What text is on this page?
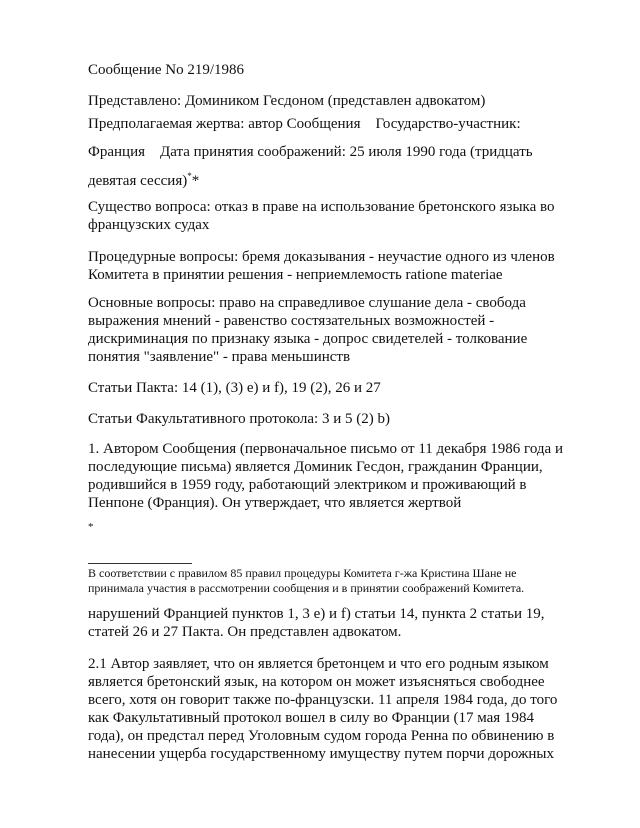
Сообщение No 219/1986
Представлено: Домиником Гесдоном (представлен адвокатом)
Предполагаемая жертва: автор Сообщения    Государство-участник:
Франция    Дата принятия соображений: 25 июля 1990 года (тридцать
девятая сессия)**
Существо вопроса: отказ в праве на использование бретонского языка во
французских судах
Процедурные вопросы: бремя доказывания - неучастие одного из членов
Комитета в принятии решения - неприемлемость ratione materiae
Основные вопросы: право на справедливое слушание дела - свобода
выражения мнений - равенство состязательных возможностей -
дискриминация по признаку языка - допрос свидетелей - толкование
понятия "заявление" - права меньшинств
Статьи Пакта: 14 (1), (3) e) и f), 19 (2), 26 и 27
Статьи Факультативного протокола: 3 и 5 (2) b)
1. Автором Сообщения (первоначальное письмо от 11 декабря 1986 года и
последующие письма) является Доминик Гесдон, гражданин Франции,
родившийся в 1959 году, работающий электриком и проживающий в
Пенпоне (Франция). Он утверждает, что является жертвой
*
В соответствии с правилом 85 правил процедуры Комитета г-жа Кристина Шане не
принимала участия в рассмотрении сообщения и в принятии соображений Комитета.
нарушений Францией пунктов 1, 3 e) и f) статьи 14, пункта 2 статьи 19,
статей 26 и 27 Пакта. Он представлен адвокатом.
2.1 Автор заявляет, что он является бретонцем и что его родным языком
является бретонский язык, на котором он может изъясняться свободнее
всего, хотя он говорит также по-французски. 11 апреля 1984 года, до того
как Факультативный протокол вошел в силу во Франции (17 мая 1984
года), он предстал перед Уголовным судом города Ренна по обвинению в
нанесении ущерба государственному имуществу путем порчи дорожных
